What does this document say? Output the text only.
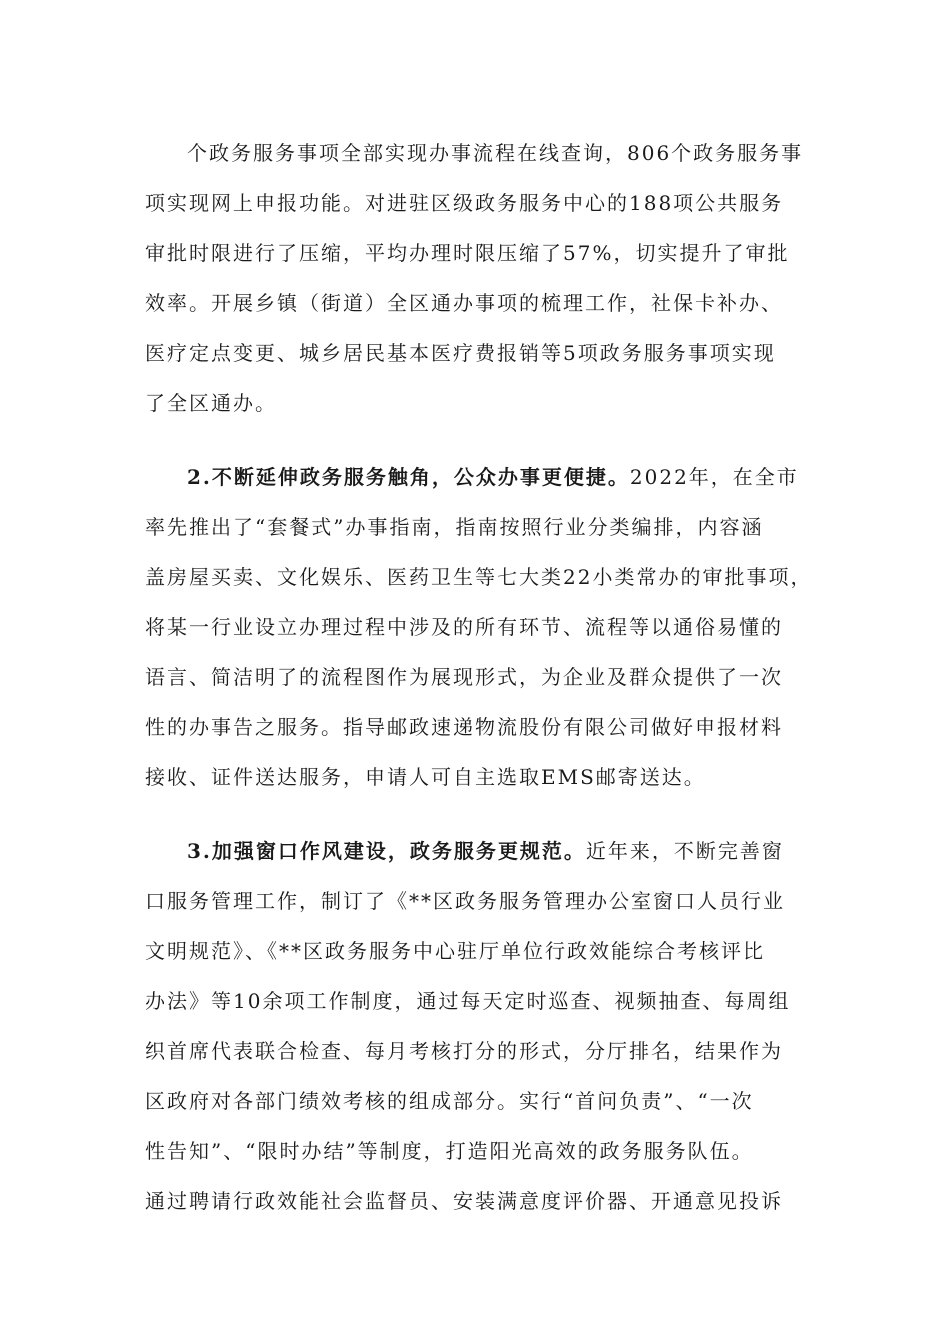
个政务服务事项全部实现办事流程在线查询，806个政务服务事
项实现网上申报功能。对进驻区级政务服务中心的188项公共服务
审批时限进行了压缩，平均办理时限压缩了57%，切实提升了审批
效率。开展乡镇（街道）全区通办事项的梳理工作，社保卡补办、
医疗定点变更、城乡居民基本医疗费报销等5项政务服务事项实现
了全区通办。
2.不断延伸政务服务触角，公众办事更便捷。2022年，在全市
率先推出了“套餐式”办事指南，指南按照行业分类编排，内容涵
盖房屋买卖、文化娱乐、医药卫生等七大类22小类常办的审批事项，
将某一行业设立办理过程中涉及的所有环节、流程等以通俗易懂的
语言、简洁明了的流程图作为展现形式，为企业及群众提供了一次
性的办事告之服务。指导邮政速递物流股份有限公司做好申报材料
接收、证件送达服务，申请人可自主选取EMS邮寄送达。
3.加强窗口作风建设，政务服务更规范。近年来，不断完善窗
口服务管理工作，制订了《**区政务服务管理办公室窗口人员行业
文明规范》、《**区政务服务中心驻厅单位行政效能综合考核评比
办法》等10余项工作制度，通过每天定时巡查、视频抽查、每周组
织首席代表联合检查、每月考核打分的形式，分厅排名，结果作为
区政府对各部门绩效考核的组成部分。实行“首问负责”、“一次
性告知”、“限时办结”等制度，打造阳光高效的政务服务队伍。
通过聘请行政效能社会监督员、安装满意度评价器、开通意见投诉
